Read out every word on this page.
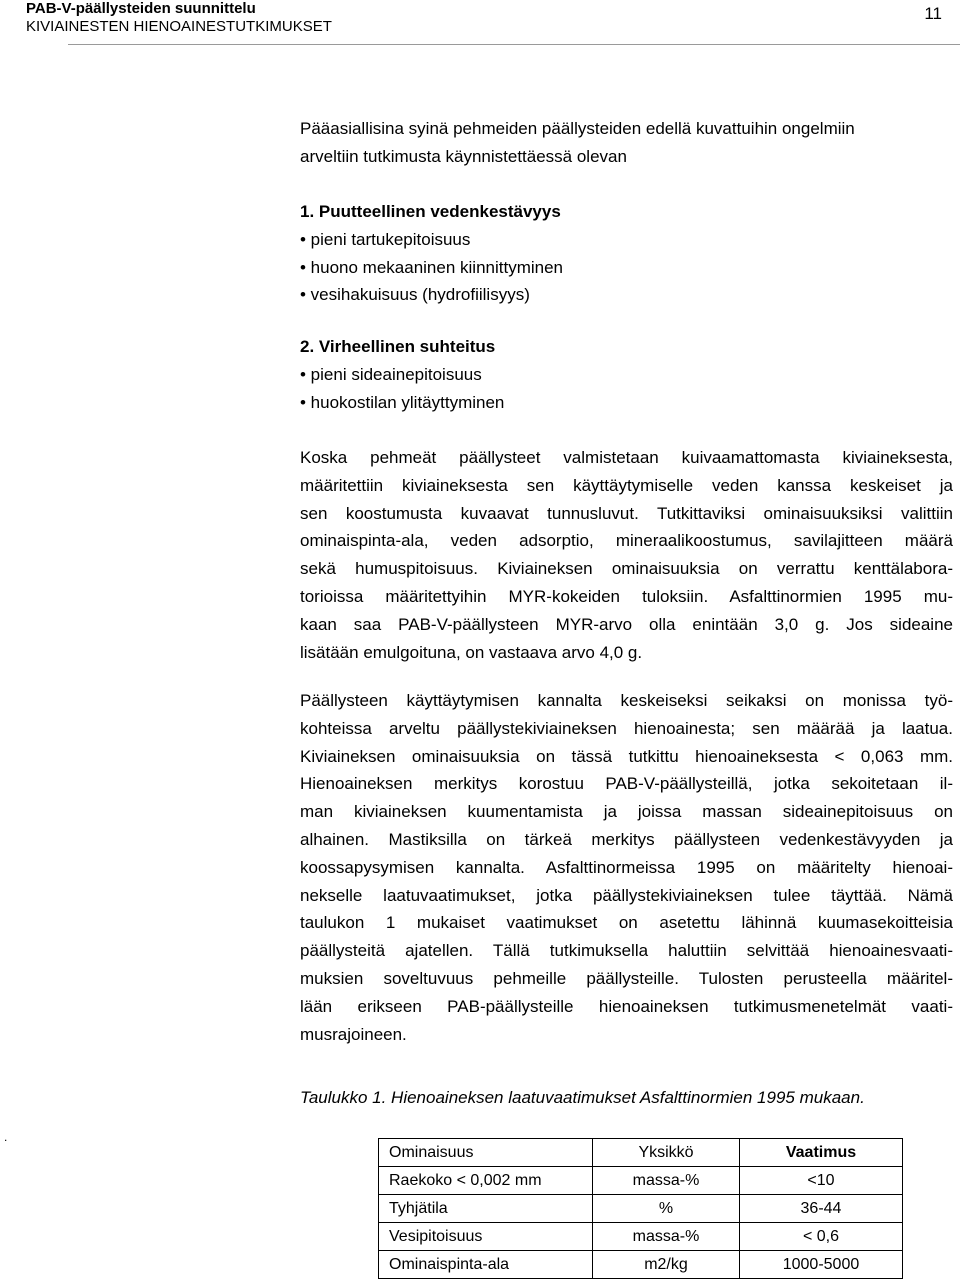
PAB-V-päällysteiden suunnittelu
KIVIAINESTEN HIENOAINESTUTKIMUKSET
11
Pääasiallisina syinä pehmeiden päällysteiden edellä kuvattuihin ongelmiin
arveltiin tutkimusta käynnistettäessä olevan
1. Puutteellinen vedenkestävyys
• pieni tartukepitoisuus
• huono mekaaninen kiinnittyminen
• vesihakuisuus (hydrofiilisyys)
2. Virheellinen suhteitus
• pieni sideainepitoisuus
• huokostilan ylitäyttyminen
Koska pehmeät päällysteet valmistetaan kuivaamattomasta kiviaineksesta,
määritettiin kiviaineksesta sen käyttäytymiselle veden kanssa keskeiset ja
sen koostumusta kuvaavat tunnusluvut. Tutkittaviksi ominaisuuksiksi valittiin
ominaispinta-ala, veden adsorptio, mineraalikoostumus, savilajitteen määrä
sekä humuspitoisuus. Kiviaineksen ominaisuuksia on verrattu kenttälabora-
torioissa määritettyihin MYR-kokeiden tuloksiin. Asfalttinormien 1995 mu-
kaan saa PAB-V-päällysteen MYR-arvo olla enintään 3,0 g. Jos sideaine
lisätään emulgoituna, on vastaava arvo 4,0 g.
Päällysteen käyttäytymisen kannalta keskeiseksi seikaksi on monissa työ-
kohteissa arveltu päällystekiviaineksen hienoainesta; sen määrää ja laatua.
Kiviaineksen ominaisuuksia on tässä tutkittu hienoaineksesta < 0,063 mm.
Hienoaineksen merkitys korostuu PAB-V-päällysteillä, jotka sekoitetaan il-
man kiviaineksen kuumentamista ja joissa massan sideainepitoisuus on
alhainen. Mastiksilla on tärkeä merkitys päällysteen vedenkestävyyden ja
koossapysymisen kannalta. Asfalttinormeissa 1995 on määritelty hienoai-
nekselle laatuvaatimukset, jotka päällystekiviaineksen tulee täyttää. Nämä
taulukon 1 mukaiset vaatimukset on asetettu lähinnä kuumasekoitteisia
päällysteitä ajatellen. Tällä tutkimuksella haluttiin selvittää hienoainesvaati-
muksien soveltuvuus pehmeille päällysteille. Tulosten perusteella määritel-
lään erikseen PAB-päällysteille hienoaineksen tutkimusmenetelmät vaati-
musrajoineen.
Taulukko 1. Hienoaineksen laatuvaatimukset Asfalttinormien 1995 mukaan.
.
Ominaisuus	Yksikkö	Vaatimus
Raekoko < 0,002 mm	massa-%	<10
Tyhjätila	%	36-44
Vesipitoisuus	massa-%	< 0,6
Ominaispinta-ala	m2/kg	1000-5000
